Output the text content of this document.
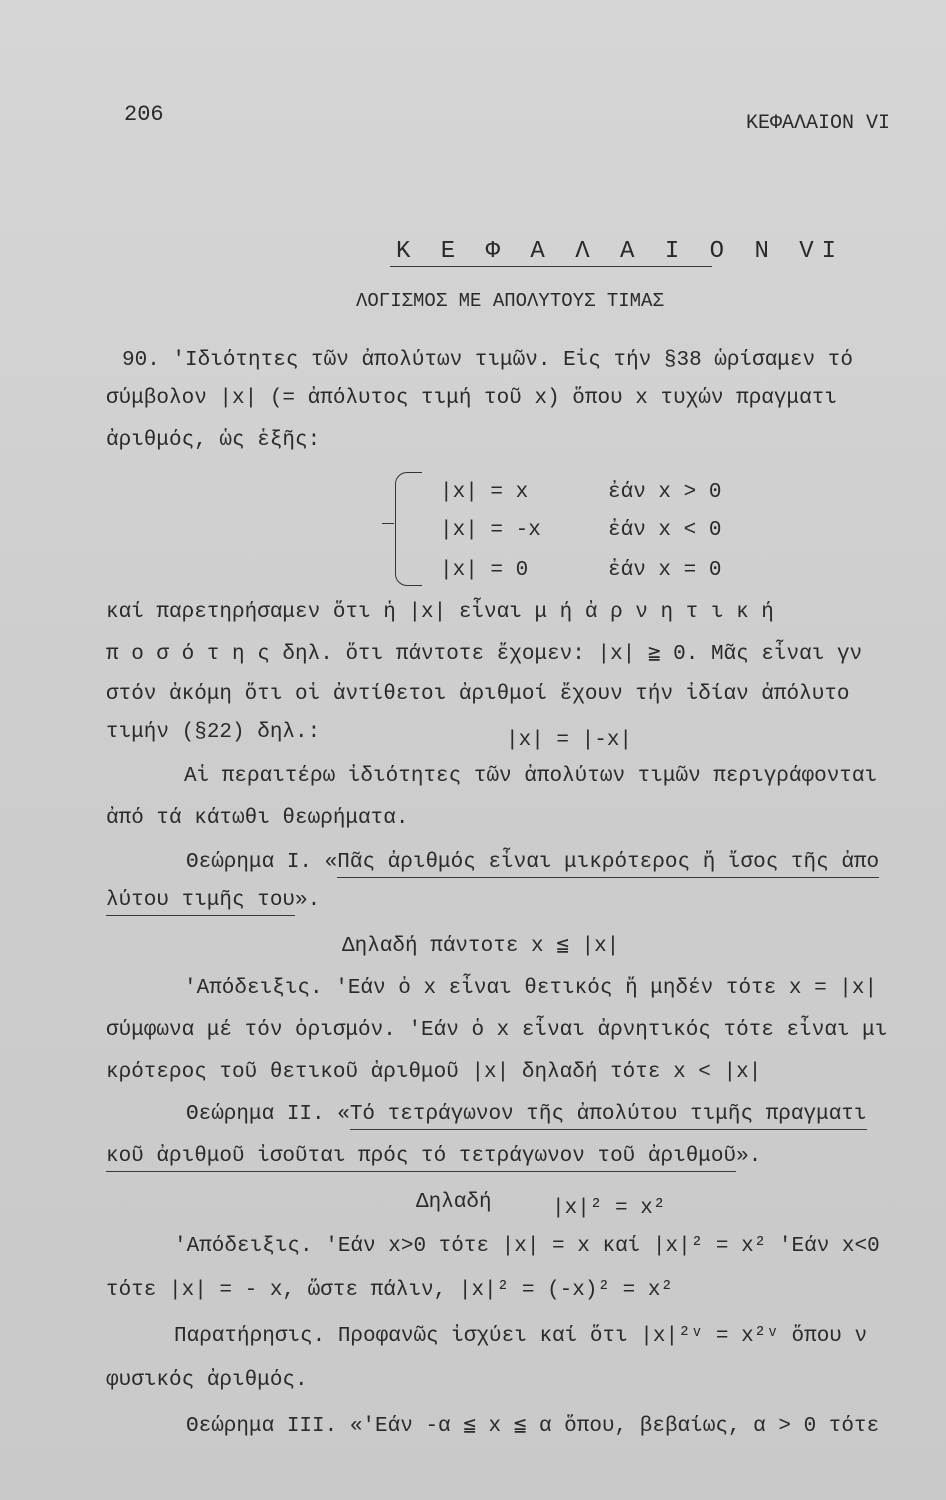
206	ΚΕΦΑΛΑΙΟΝ VI
Κ Ε Φ Α Λ Α Ι Ο Ν VI
ΛΟΓΙΣΜΟΣ ΜΕ ΑΠΟΛΥΤΟΥΣ ΤΙΜΑΣ
90. 'Ιδιότητες τῶν ἀπολύτων τιμῶν. Εἰς τήν §38 ὡρίσαμεν τό
σύμβολον |x| (= ἀπόλυτος τιμή τοῦ x) ὅπου x τυχών πραγματι
ἀριθμός, ὡς ἑξῆς:
|x| = x	ἐάν x > 0
|x| = -x	ἐάν x < 0
|x| = 0	ἐάν x = 0
καί παρετηρήσαμεν ὅτι ἡ |x| εἶναι μ ή ἀ ρ ν η τ ι κ ή
π ο σ ό τ η ς δηλ. ὅτι πάντοτε ἔχομεν: |x| ≧ 0. Μᾶς εἶναι γν
στόν ἀκόμη ὅτι οἱ ἀντίθετοι ἀριθμοί ἔχουν τήν ἰδίαν ἀπόλυτο
τιμήν (§22) δηλ.:	|x| = |-x|
Αἱ περαιτέρω ἰδιότητες τῶν ἀπολύτων τιμῶν περιγράφονται
ἀπό τά κάτωθι θεωρήματα.
Θεώρημα Ι. «Πᾶς ἀριθμός εἶναι μικρότερος ἤ ἴσος τῆς ἀπο
λύτου τιμῆς του».
Δηλαδή πάντοτε x ≦ |x|
'Απόδειξις. 'Εάν ὁ x εἶναι θετικός ἤ μηδέν τότε x = |x|
σύμφωνα μέ τόν ὁρισμόν. 'Εάν ὁ x εἶναι ἀρνητικός τότε εἶναι μι
κρότερος τοῦ θετικοῦ ἀριθμοῦ |x| δηλαδή τότε x < |x|
Θεώρημα ΙΙ. «Τό τετράγωνον τῆς ἀπολύτου τιμῆς πραγματι
κοῦ ἀριθμοῦ ἰσοῦται πρός τό τετράγωνον τοῦ ἀριθμοῦ».
Δηλαδή	|x|² = x²
'Απόδειξις. 'Εάν x>0 τότε |x| = x καί |x|² = x² 'Εάν x<0
τότε |x| = - x, ὥστε πάλιν, |x|² = (-x)² = x²
Παρατήρησις. Προφανῶς ἰσχύει καί ὅτι |x|²ᵛ = x²ᵛ ὅπου ν
φυσικός ἀριθμός.
Θεώρημα ΙΙΙ. «'Εάν -α ≦ x ≦ α ὅπου, βεβαίως, α > 0 τότε
